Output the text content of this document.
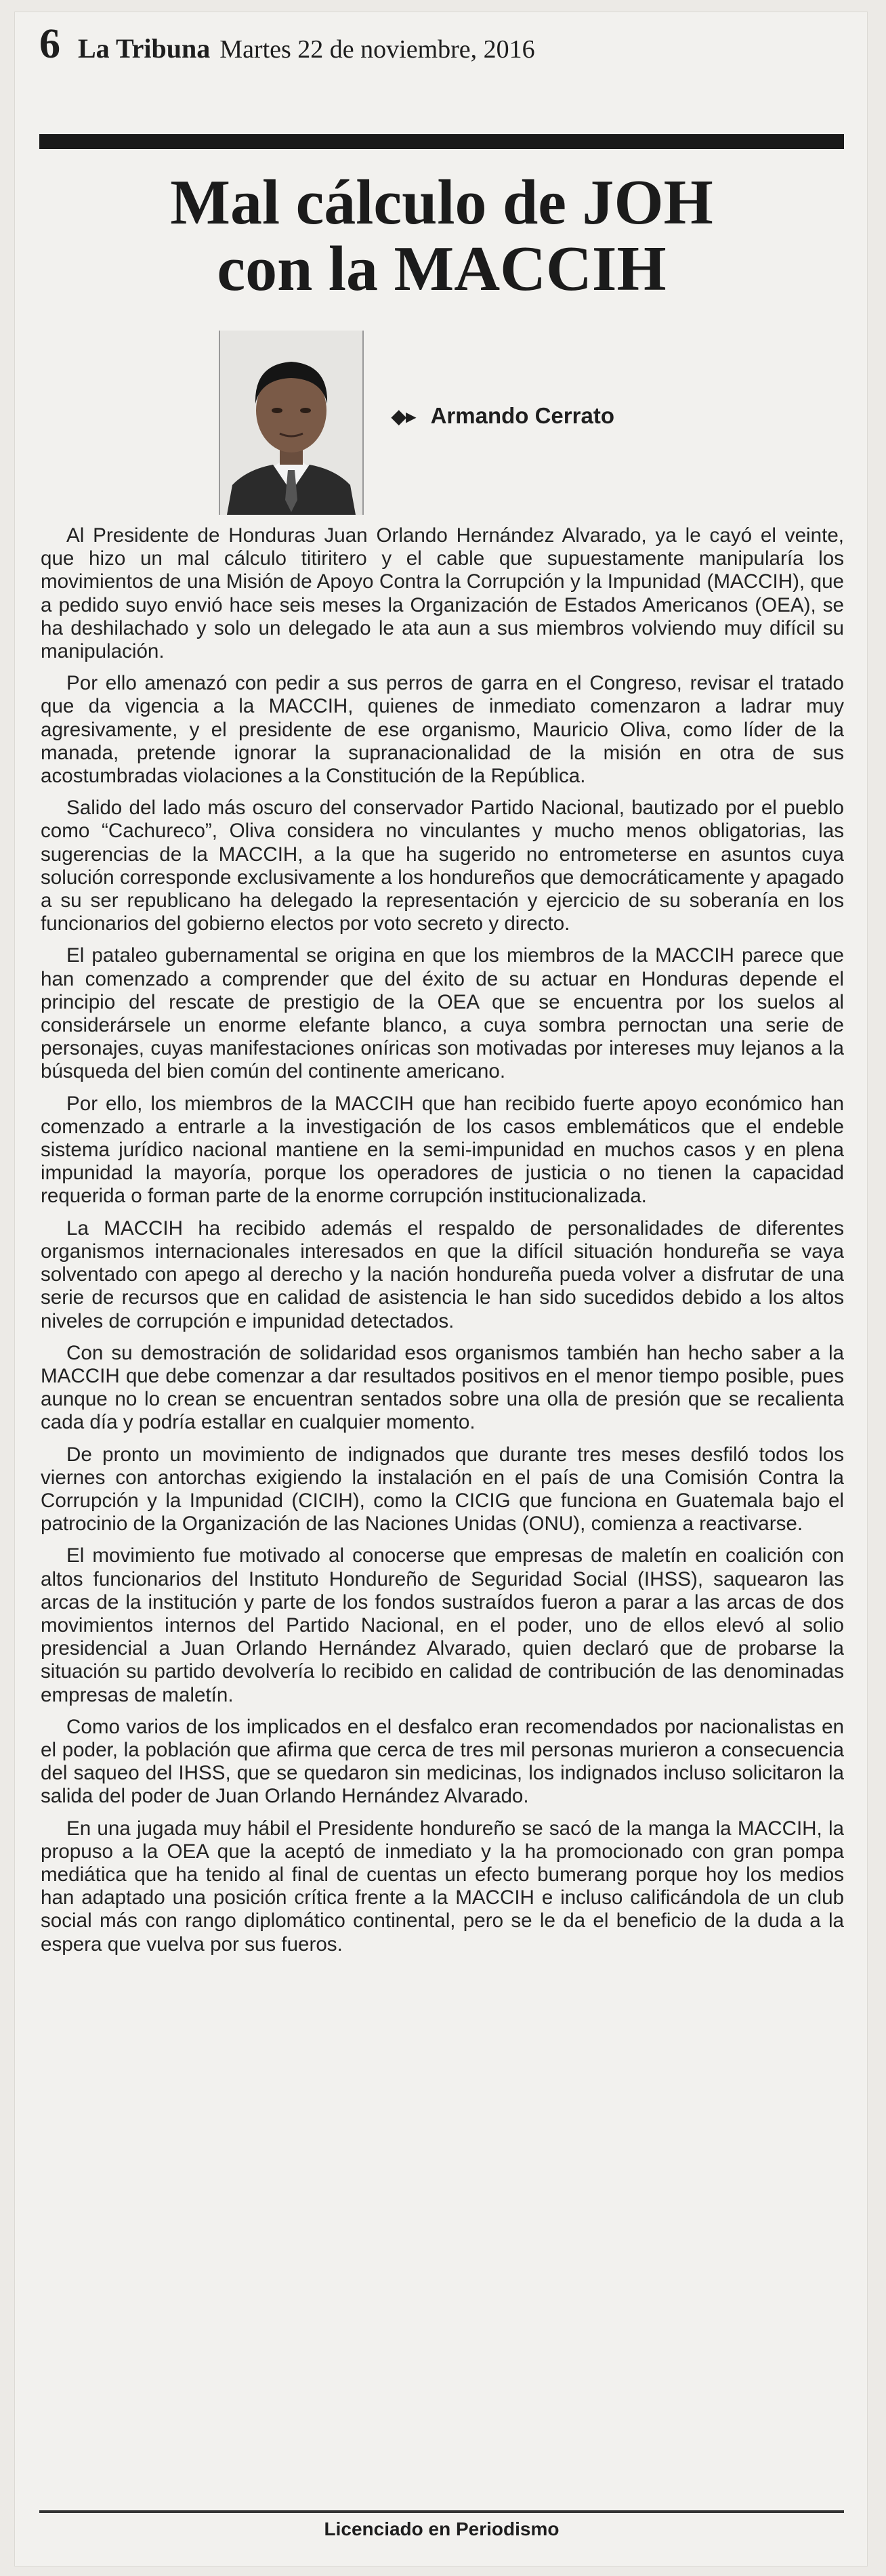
6 La Tribuna Martes 22 de noviembre, 2016
Mal cálculo de JOH
con la MACCIH
◆▸ Armando Cerrato

Al Presidente de Honduras Juan Orlando Hernández Alvarado, ya le cayó el veinte, que hizo un mal cálculo titiritero y el cable que supuestamente manipularía los movimientos de una Misión de Apoyo Contra la Corrupción y la Impunidad (MACCIH), que a pedido suyo envió hace seis meses la Organización de Estados Americanos (OEA), se ha deshilachado y solo un delegado le ata aun a sus miembros volviendo muy difícil su manipulación.

Por ello amenazó con pedir a sus perros de garra en el Congreso, revisar el tratado que da vigencia a la MACCIH, quienes de inmediato comenzaron a ladrar muy agresivamente, y el presidente de ese organismo, Mauricio Oliva, como líder de la manada, pretende ignorar la supranacionalidad de la misión en otra de sus acostumbradas violaciones a la Constitución de la República.

Salido del lado más oscuro del conservador Partido Nacional, bautizado por el pueblo como “Cachureco”, Oliva considera no vinculantes y mucho menos obligatorias, las sugerencias de la MACCIH, a la que ha sugerido no entrometerse en asuntos cuya solución corresponde exclusivamente a los hondureños que democráticamente y apagado a su ser republicano ha delegado la representación y ejercicio de su soberanía en los funcionarios del gobierno electos por voto secreto y directo.

El pataleo gubernamental se origina en que los miembros de la MACCIH parece que han comenzado a comprender que del éxito de su actuar en Honduras depende el principio del rescate de prestigio de la OEA que se encuentra por los suelos al considerársele un enorme elefante blanco, a cuya sombra pernoctan una serie de personajes, cuyas manifestaciones oníricas son motivadas por intereses muy lejanos a la búsqueda del bien común del continente americano.

Por ello, los miembros de la MACCIH que han recibido fuerte apoyo económico han comenzado a entrarle a la investigación de los casos emblemáticos que el endeble sistema jurídico nacional mantiene en la semi-impunidad en muchos casos y en plena impunidad la mayoría, porque los operadores de justicia o no tienen la capacidad requerida o forman parte de la enorme corrupción institucionalizada.

La MACCIH ha recibido además el respaldo de personalidades de diferentes organismos internacionales interesados en que la difícil situación hondureña se vaya solventado con apego al derecho y la nación hondureña pueda volver a disfrutar de una serie de recursos que en calidad de asistencia le han sido sucedidos debido a los altos niveles de corrupción e impunidad detectados.

Con su demostración de solidaridad esos organismos también han hecho saber a la MACCIH que debe comenzar a dar resultados positivos en el menor tiempo posible, pues aunque no lo crean se encuentran sentados sobre una olla de presión que se recalienta cada día y podría estallar en cualquier momento.

De pronto un movimiento de indignados que durante tres meses desfiló todos los viernes con antorchas exigiendo la instalación en el país de una Comisión Contra la Corrupción y la Impunidad (CICIH), como la CICIG que funciona en Guatemala bajo el patrocinio de la Organización de las Naciones Unidas (ONU), comienza a reactivarse.

El movimiento fue motivado al conocerse que empresas de maletín en coalición con altos funcionarios del Instituto Hondureño de Seguridad Social (IHSS), saquearon las arcas de la institución y parte de los fondos sustraídos fueron a parar a las arcas de dos movimientos internos del Partido Nacional, en el poder, uno de ellos elevó al solio presidencial a Juan Orlando Hernández Alvarado, quien declaró que de probarse la situación su partido devolvería lo recibido en calidad de contribución de las denominadas empresas de maletín.

Como varios de los implicados en el desfalco eran recomendados por nacionalistas en el poder, la población que afirma que cerca de tres mil personas murieron a consecuencia del saqueo del IHSS, que se quedaron sin medicinas, los indignados incluso solicitaron la salida del poder de Juan Orlando Hernández Alvarado.

En una jugada muy hábil el Presidente hondureño se sacó de la manga la MACCIH, la propuso a la OEA que la aceptó de inmediato y la ha promocionado con gran pompa mediática que ha tenido al final de cuentas un efecto bumerang porque hoy los medios han adaptado una posición crítica frente a la MACCIH e incluso calificándola de un club social más con rango diplomático continental, pero se le da el beneficio de la duda a la espera que vuelva por sus fueros.

Licenciado en Periodismo
